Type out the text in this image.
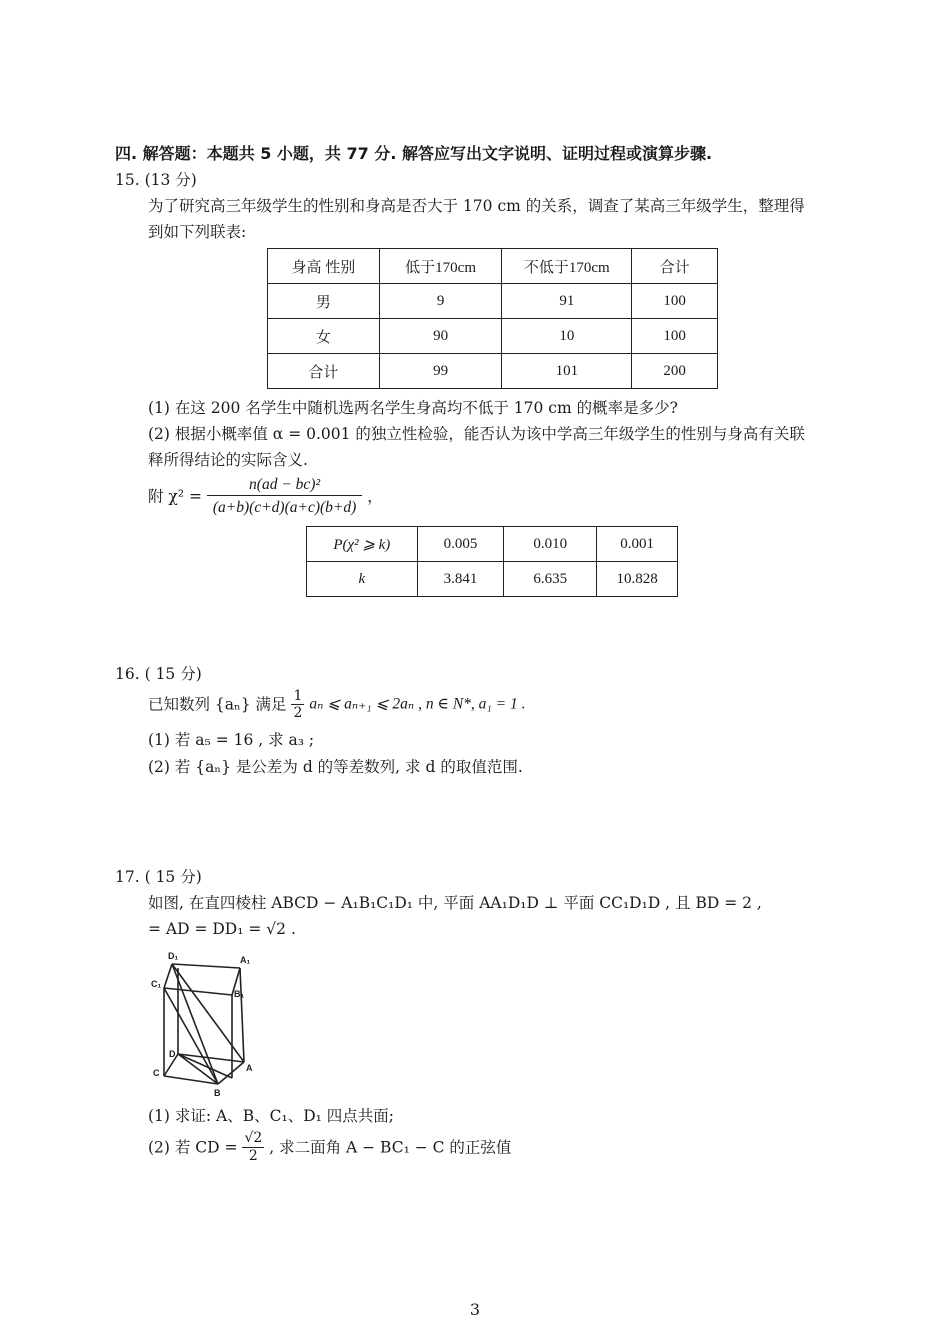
四. 解答题：本题共 5 小题，共 77 分. 解答应写出文字说明、证明过程或演算步骤.
15. (13 分)
为了研究高三年级学生的性别和身高是否大于 170 cm 的关系，调查了某高三年级学生，整理得
到如下列联表:
身高 性别	低于170cm	不低于170cm	合计
男	9	91	100
女	90	10	100
合计	99	101	200
(1) 在这 200 名学生中随机选两名学生身高均不低于 170 cm 的概率是多少?
(2) 根据小概率值 α = 0.001 的独立性检验，能否认为该中学高三年级学生的性别与身高有关联
释所得结论的实际含义.
附 $\chi^2 = \frac{\text{n(ad − bc)²}}{(a+b)(c+d)(a+c)(b+d)}$ ，
P(χ² ⩾ k)	0.005	0.010	0.001
k	3.841	6.635	10.828
16. ( 15 分)
已知数列 {aₙ} 满足 $\frac{1}{2}$ aₙ ⩽ aₙ₊₁ ⩽ 2aₙ , n ∈ N*, a₁ = 1 .
(1) 若 a₅ = 16 , 求 a₃ ;
(2) 若 {aₙ} 是公差为 d 的等差数列, 求 d 的取值范围.
17. ( 15 分)
如图, 在直四棱柱 ABCD − A₁B₁C₁D₁ 中, 平面 AA₁D₁D ⊥ 平面 CC₁D₁D , 且 BD = 2 ,
= AD = DD₁ = √2 .
D₁	A₁
C₁
B₁
D
C	A
B
(1) 求证: A、B、C₁、D₁ 四点共面;
(2) 若 CD = $\frac{√2}{2}$ , 求二面角 A − BC₁ − C 的正弦值
3
